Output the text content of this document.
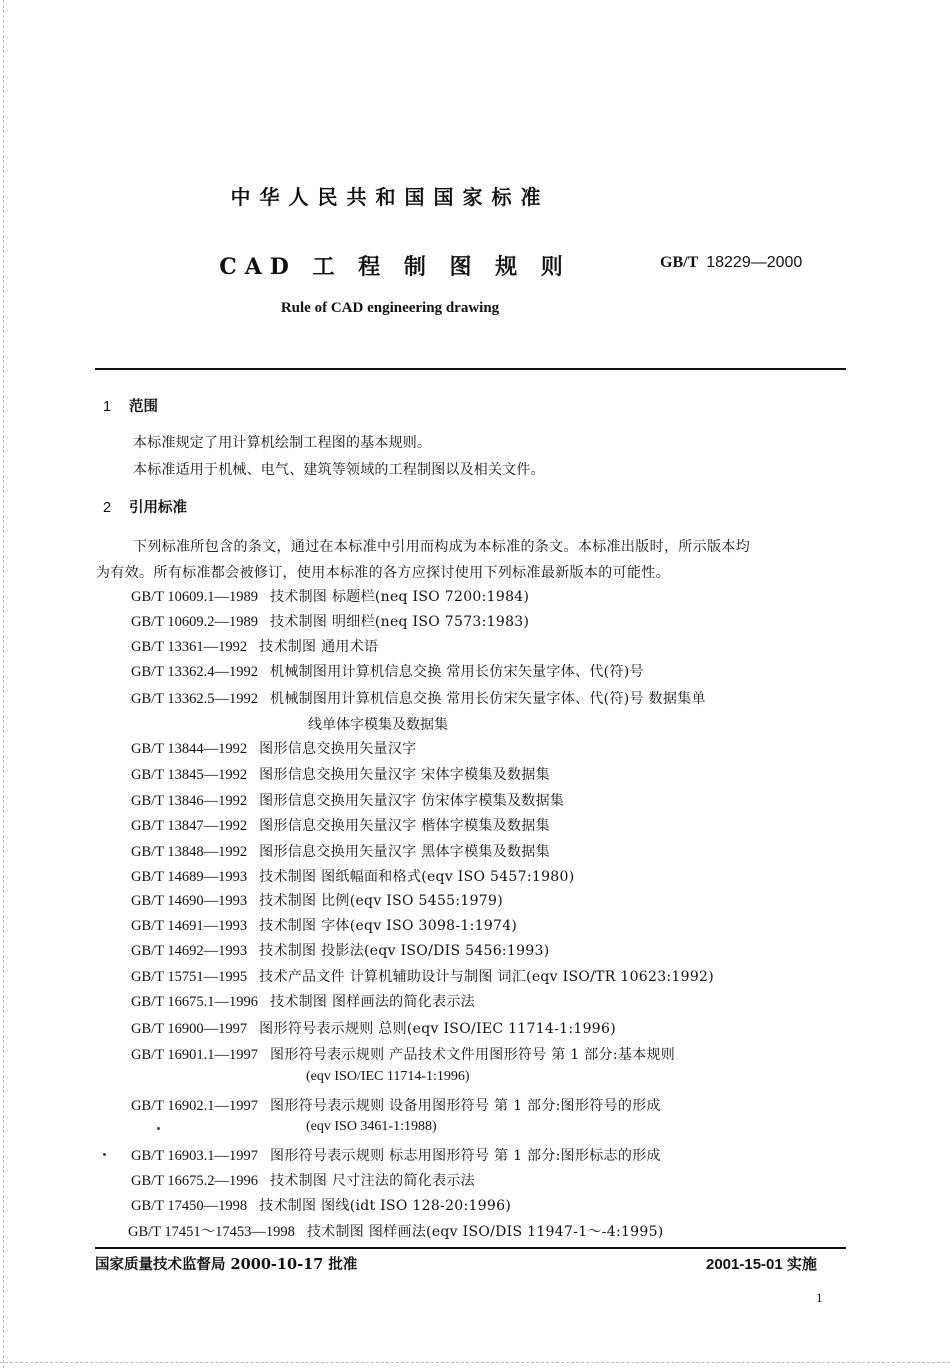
中华人民共和国国家标准
CAD 工 程 制 图 规 则	GB/T 18229—2000
Rule of CAD engineering drawing
1 范围
本标准规定了用计算机绘制工程图的基本规则。
本标准适用于机械、电气、建筑等领域的工程制图以及相关文件。
2 引用标准
下列标准所包含的条文，通过在本标准中引用而构成为本标准的条文。本标准出版时，所示版本均
为有效。所有标准都会被修订，使用本标准的各方应探讨使用下列标准最新版本的可能性。
GB/T 10609.1—1989 技术制图 标题栏(neq ISO 7200:1984)
GB/T 10609.2—1989 技术制图 明细栏(neq ISO 7573:1983)
GB/T 13361—1992 技术制图 通用术语
GB/T 13362.4—1992 机械制图用计算机信息交换 常用长仿宋矢量字体、代(符)号
GB/T 13362.5—1992 机械制图用计算机信息交换 常用长仿宋矢量字体、代(符)号 数据集单
线单体字模集及数据集
GB/T 13844—1992 图形信息交换用矢量汉字
GB/T 13845—1992 图形信息交换用矢量汉字 宋体字模集及数据集
GB/T 13846—1992 图形信息交换用矢量汉字 仿宋体字模集及数据集
GB/T 13847—1992 图形信息交换用矢量汉字 楷体字模集及数据集
GB/T 13848—1992 图形信息交换用矢量汉字 黑体字模集及数据集
GB/T 14689—1993 技术制图 图纸幅面和格式(eqv ISO 5457:1980)
GB/T 14690—1993 技术制图 比例(eqv ISO 5455:1979)
GB/T 14691—1993 技术制图 字体(eqv ISO 3098-1:1974)
GB/T 14692—1993 技术制图 投影法(eqv ISO/DIS 5456:1993)
GB/T 15751—1995 技术产品文件 计算机辅助设计与制图 词汇(eqv ISO/TR 10623:1992)
GB/T 16675.1—1996 技术制图 图样画法的简化表示法
GB/T 16900—1997 图形符号表示规则 总则(eqv ISO/IEC 11714-1:1996)
GB/T 16901.1—1997 图形符号表示规则 产品技术文件用图形符号 第 1 部分:基本规则
(eqv ISO/IEC 11714-1:1996)
GB/T 16902.1—1997 图形符号表示规则 设备用图形符号 第 1 部分:图形符号的形成
(eqv ISO 3461-1:1988)
GB/T 16903.1—1997 图形符号表示规则 标志用图形符号 第 1 部分:图形标志的形成
GB/T 16675.2—1996 技术制图 尺寸注法的简化表示法
GB/T 17450—1998 技术制图 图线(idt ISO 128-20:1996)
GB/T 17451～17453—1998 技术制图 图样画法(eqv ISO/DIS 11947-1～-4:1995)
国家质量技术监督局 2000-10-17 批准	2001-15-01 实施
1
